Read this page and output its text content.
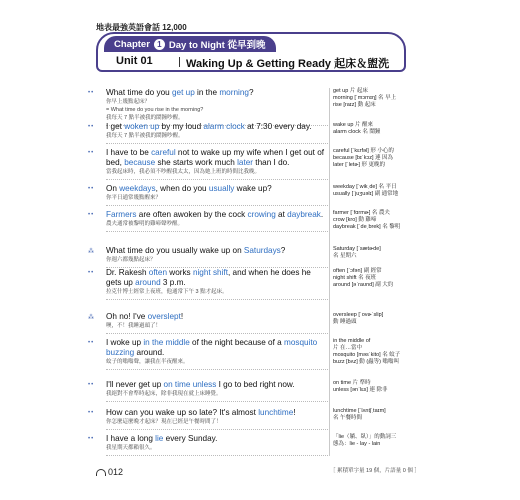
地表最強英語會話 12,000
Chapter 1 Day to Night 從早到晚
Unit 01	Waking Up & Getting Ready 起床＆盥洗
•• What time do you get up in the morning?
你早上幾點起床？
= What time do you rise in the morning?
我每天 7 點半被我的鬧鐘吵醒。
•• I get woken up by my loud alarm clock at 7:30 every day.
我每天 7 點半被我的鬧鐘吵醒。
•• I have to be careful not to wake up my wife when I get out of bed, because she starts work much later than I do.
當我起床時，我必須不吵醒我太太，因為她上班的時間比我晚。
•• On weekdays, when do you usually wake up?
你平日通常幾點醒來？
•• Farmers are often awoken by the cock crowing at daybreak.
農夫通常被黎明的雞啼聲吵醒。
⁂ What time do you usually wake up on Saturdays?
你週六都幾點起床？
•• Dr. Rakesh often works night shift, and when he does he gets up around 3 p.m.
拉克什博士經常上夜班，他通常下午 3 點才起床。
⁂ Oh no! I've overslept!
噢，不！我睡過頭了！
•• I woke up in the middle of the night because of a mosquito buzzing around.
蚊子的嗡嗡聲，讓我在半夜醒來。
•• I'll never get up on time unless I go to bed right now.
我絕對不會準時起床，除非我現在就上床睡覺。
•• How can you wake up so late? It's almost lunchtime!
你怎麼這麼晚才起床？現在已經是午餐時間了！
•• I have a long lie every Sunday.
我星期天都賴很久。
get up 片 起床
morning [ˈmɔrnɪŋ] 名 早上
rise [raɪz] 動 起床
wake up 片 醒來
alarm clock 名 鬧鐘
careful [ˈkɛrfəl] 形 小心的
because [bɪˈkɔz] 連 因為
later [ˈletɚ] 形 更晚的
weekday [ˈwikˌde] 名 平日
usually [ˈjuʒuəlɪ] 副 通常地
farmer [ˈfɑrmɚ] 名 農夫
crow [kro] 動 雞啼
daybreak [ˈdeˌbrek] 名 黎明
Saturday [ˈsætɚde]
名 星期六
often [ˈɔfən] 副 經常
night shift 名 夜班
around [əˈraʊnd] 副 大約
oversleep [ˈovɚˈslip]
動 睡過頭
in the middle of
片 在…當中
mosquito [məsˈkito] 名 蚊子
buzz [bʌz] 動 (蟲等) 嗡嗡叫
on time 片 準時
unless [ənˈlɛs] 連 除非
lunchtime [ˈlʌntʃˌtaɪm]
名 午餐時間
「lie（躺、臥）」的動詞三
態為：lie - lay - lain
012	［ 累積單字量 19 個，片語量 0 個 ］
